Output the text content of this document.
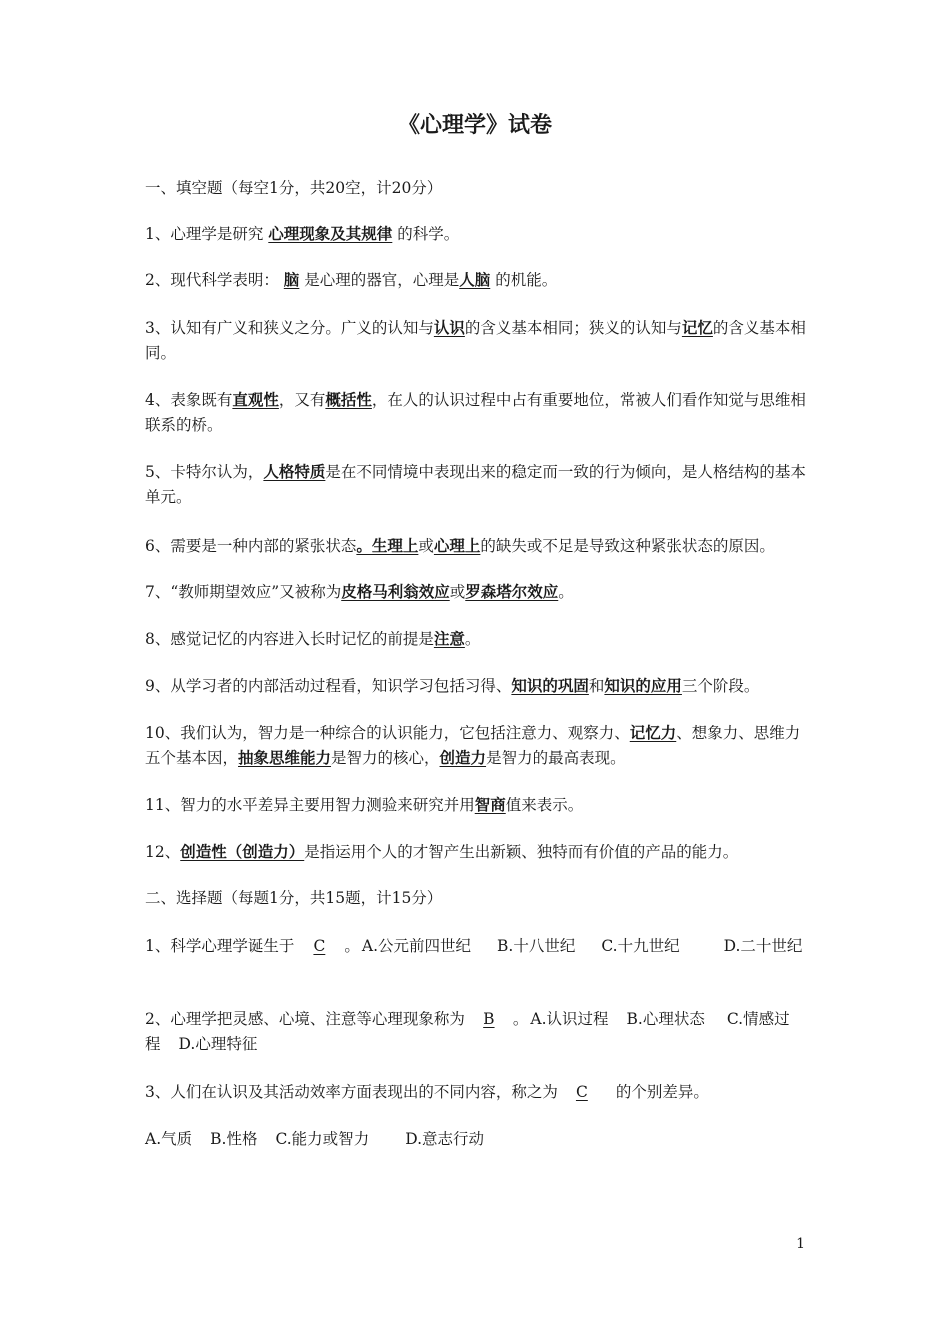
《心理学》试卷
一、填空题（每空1分，共20空，计20分）
1、心理学是研究 心理现象及其规律 的科学。
2、现代科学表明： 脑 是心理的器官，心理是人脑 的机能。
3、认知有广义和狭义之分。广义的认知与认识的含义基本相同；狭义的认知与记忆的含义基本相同。
4、表象既有直观性，又有概括性，在人的认识过程中占有重要地位，常被人们看作知觉与思维相联系的桥。
5、卡特尔认为，人格特质是在不同情境中表现出来的稳定而一致的行为倾向，是人格结构的基本单元。
6、需要是一种内部的紧张状态。生理上或心理上的缺失或不足是导致这种紧张状态的原因。
7、“教师期望效应”又被称为皮格马利翁效应或罗森塔尔效应。
8、感觉记忆的内容进入长时记忆的前提是注意。
9、从学习者的内部活动过程看，知识学习包括习得、知识的巩固和知识的应用三个阶段。
10、我们认为，智力是一种综合的认识能力，它包括注意力、观察力、记忆力、想象力、思维力五个基本因，抽象思维能力是智力的核心，创造力是智力的最高表现。
11、智力的水平差异主要用智力测验来研究并用智商值来表示。
12、创造性（创造力）是指运用个人的才智产生出新颖、独特而有价值的产品的能力。
二、选择题（每题1分，共15题，计15分）
1、科学心理学诞生于 C 。 A.公元前四世纪 B.十八世纪 C.十九世纪	D.二十世纪
2、心理学把灵感、心境、注意等心理现象称为 B 。 A.认识过程 B.心理状态 C.情感过程 D.心理特征
3、人们在认识及其活动效率方面表现出的不同内容，称之为 C 的个别差异。
A.气质 B.性格 C.能力或智力 D.意志行动
1
